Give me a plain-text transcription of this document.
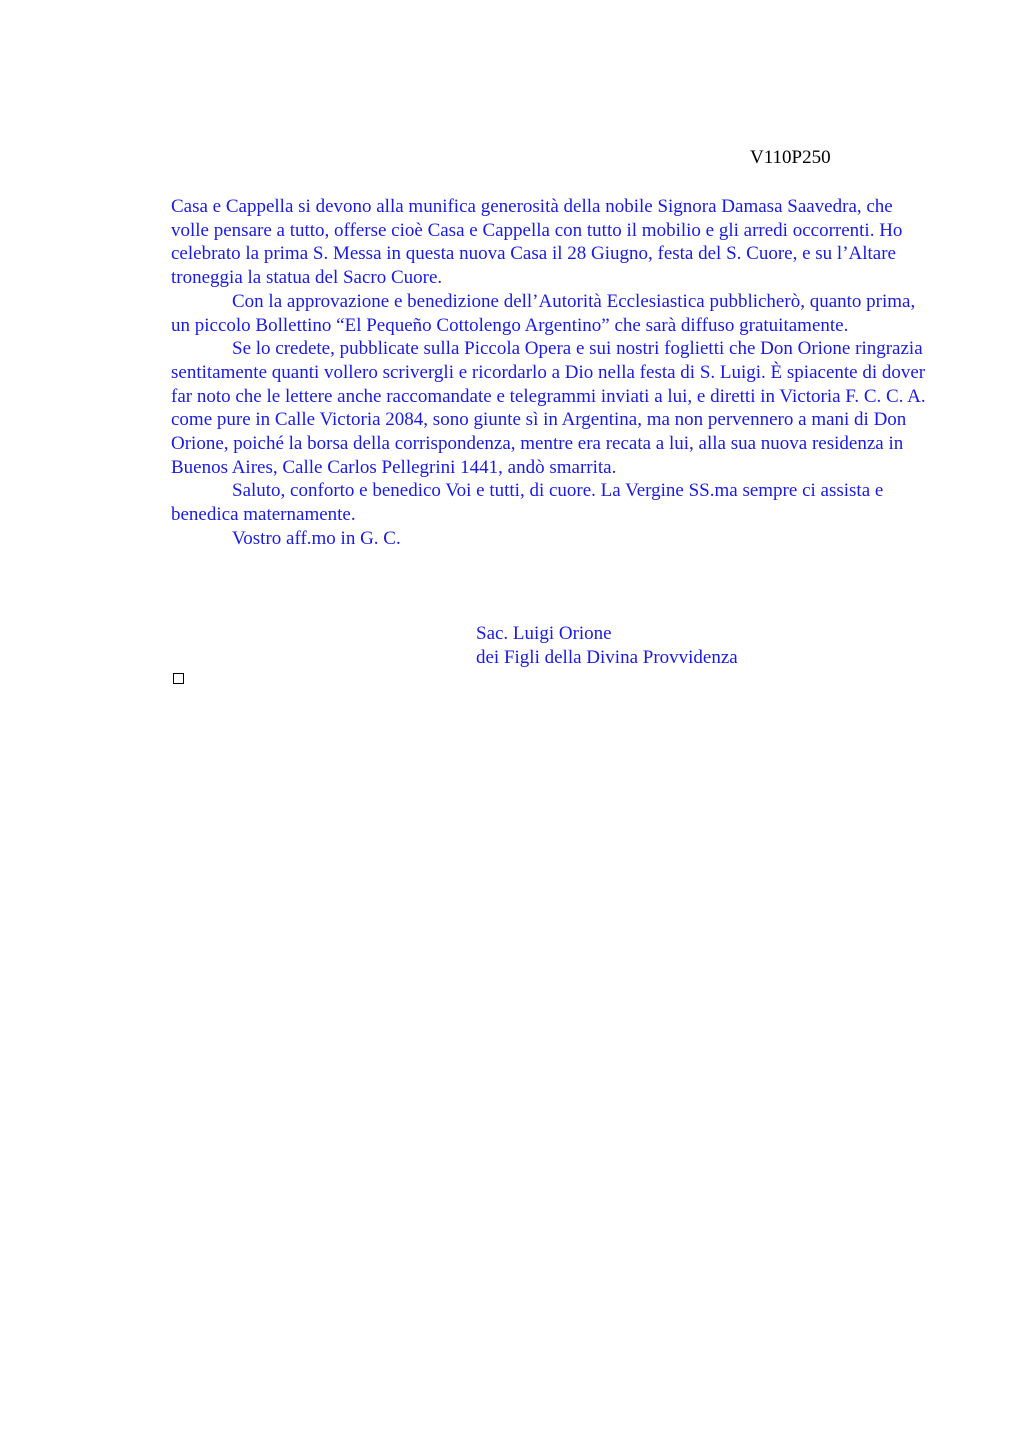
V110P250

Casa e Cappella si devono alla munifica generosità della nobile Signora Damasa Saavedra, che volle pensare a tutto, offerse cioè Casa e Cappella con tutto il mobilio e gli arredi occorrenti. Ho celebrato la prima S. Messa in questa nuova Casa il 28 Giugno, festa del S. Cuore, e su l’Altare troneggia la statua del Sacro Cuore.

Con la approvazione e benedizione dell’Autorità Ecclesiastica pubblicherò, quanto prima, un piccolo Bollettino “El Pequeño Cottolengo Argentino” che sarà diffuso gratuitamente.

Se lo credete, pubblicate sulla Piccola Opera e sui nostri foglietti che Don Orione ringrazia sentitamente quanti vollero scrivergli e ricordarlo a Dio nella festa di S. Luigi. È spiacente di dover far noto che le lettere anche raccomandate e telegrammi inviati a lui, e diretti in Victoria F. C. C. A. come pure in Calle Victoria 2084, sono giunte sì in Argentina, ma non pervennero a mani di Don Orione, poiché la borsa della corrispondenza, mentre era recata a lui, alla sua nuova residenza in Buenos Aires, Calle Carlos Pellegrini 1441, andò smarrita.

Saluto, conforto e benedico Voi e tutti, di cuore. La Vergine SS.ma sempre ci assista e benedica maternamente.

Vostro aff.mo in G. C.

Sac. Luigi Orione
dei Figli della Divina Provvidenza
